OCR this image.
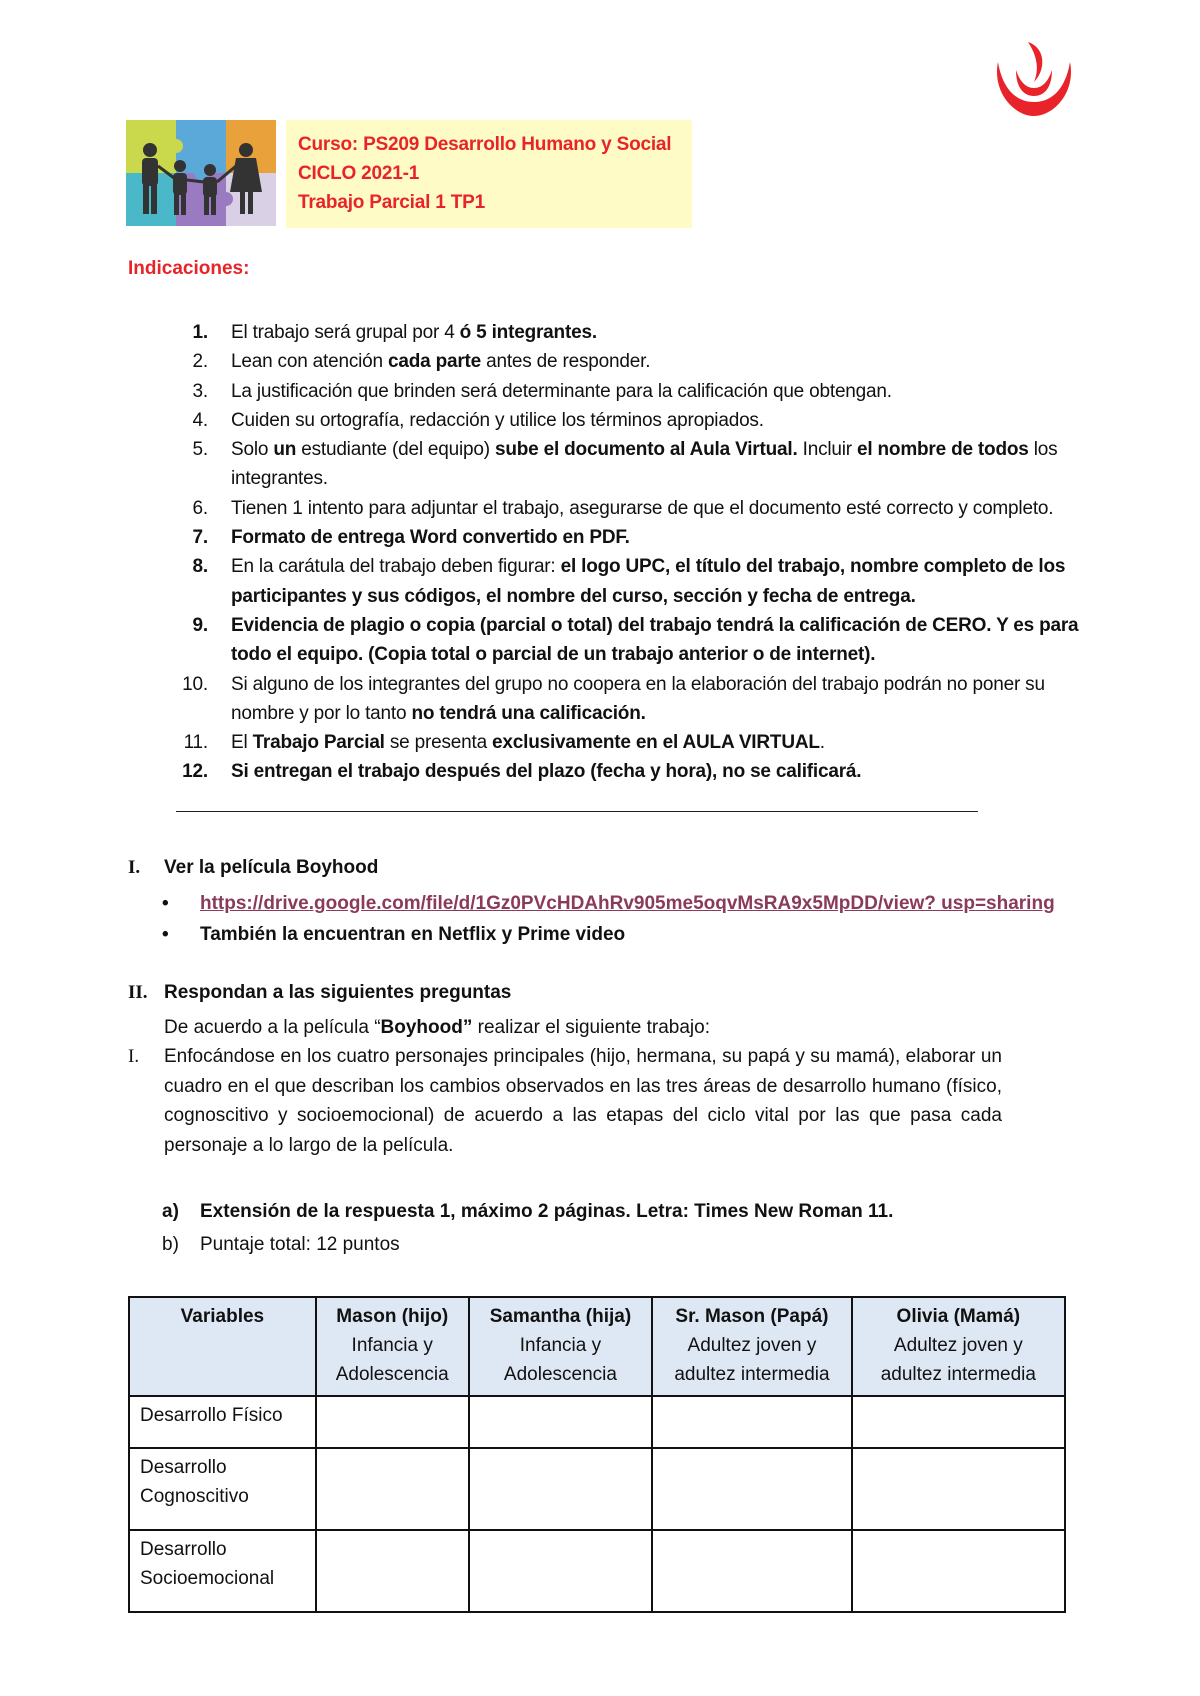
Curso: PS209 Desarrollo Humano y Social
CICLO 2021-1
Trabajo Parcial 1 TP1
Indicaciones:
1. El trabajo será grupal por 4 ó 5 integrantes.
2. Lean con atención cada parte antes de responder.
3. La justificación que brinden será determinante para la calificación que obtengan.
4. Cuiden su ortografía, redacción y utilice los términos apropiados.
5. Solo un estudiante (del equipo) sube el documento al Aula Virtual. Incluir el nombre de todos los integrantes.
6. Tienen 1 intento para adjuntar el trabajo, asegurarse de que el documento esté correcto y completo.
7. Formato de entrega Word convertido en PDF.
8. En la carátula del trabajo deben figurar: el logo UPC, el título del trabajo, nombre completo de los participantes y sus códigos, el nombre del curso, sección y fecha de entrega.
9. Evidencia de plagio o copia (parcial o total) del trabajo tendrá la calificación de CERO. Y es para todo el equipo. (Copia total o parcial de un trabajo anterior o de internet).
10. Si alguno de los integrantes del grupo no coopera en la elaboración del trabajo podrán no poner su nombre y por lo tanto no tendrá una calificación.
11. El Trabajo Parcial se presenta exclusivamente en el AULA VIRTUAL.
12. Si entregan el trabajo después del plazo (fecha y hora), no se calificará.
I. Ver la película Boyhood
• https://drive.google.com/file/d/1Gz0PVcHDAhRv905me5oqvMsRA9x5MpDD/view? usp=sharing
• También la encuentran en Netflix y Prime video
II. Respondan a las siguientes preguntas
De acuerdo a la película “Boyhood” realizar el siguiente trabajo:
I. Enfocándose en los cuatro personajes principales (hijo, hermana, su papá y su mamá), elaborar un cuadro en el que describan los cambios observados en las tres áreas de desarrollo humano (físico, cognoscitivo y socioemocional) de acuerdo a las etapas del ciclo vital por las que pasa cada personaje a lo largo de la película.
a) Extensión de la respuesta 1, máximo 2 páginas. Letra: Times New Roman 11.
b) Puntaje total: 12 puntos
Variables	Mason (hijo)
Infancia y
Adolescencia	Samantha (hija)
Infancia y
Adolescencia	Sr. Mason (Papá)
Adultez joven y
adultez intermedia	Olivia (Mamá)
Adultez joven y
adultez intermedia

Desarrollo Físico				

Desarrollo
Cognoscitivo				

Desarrollo
Socioemocional				
